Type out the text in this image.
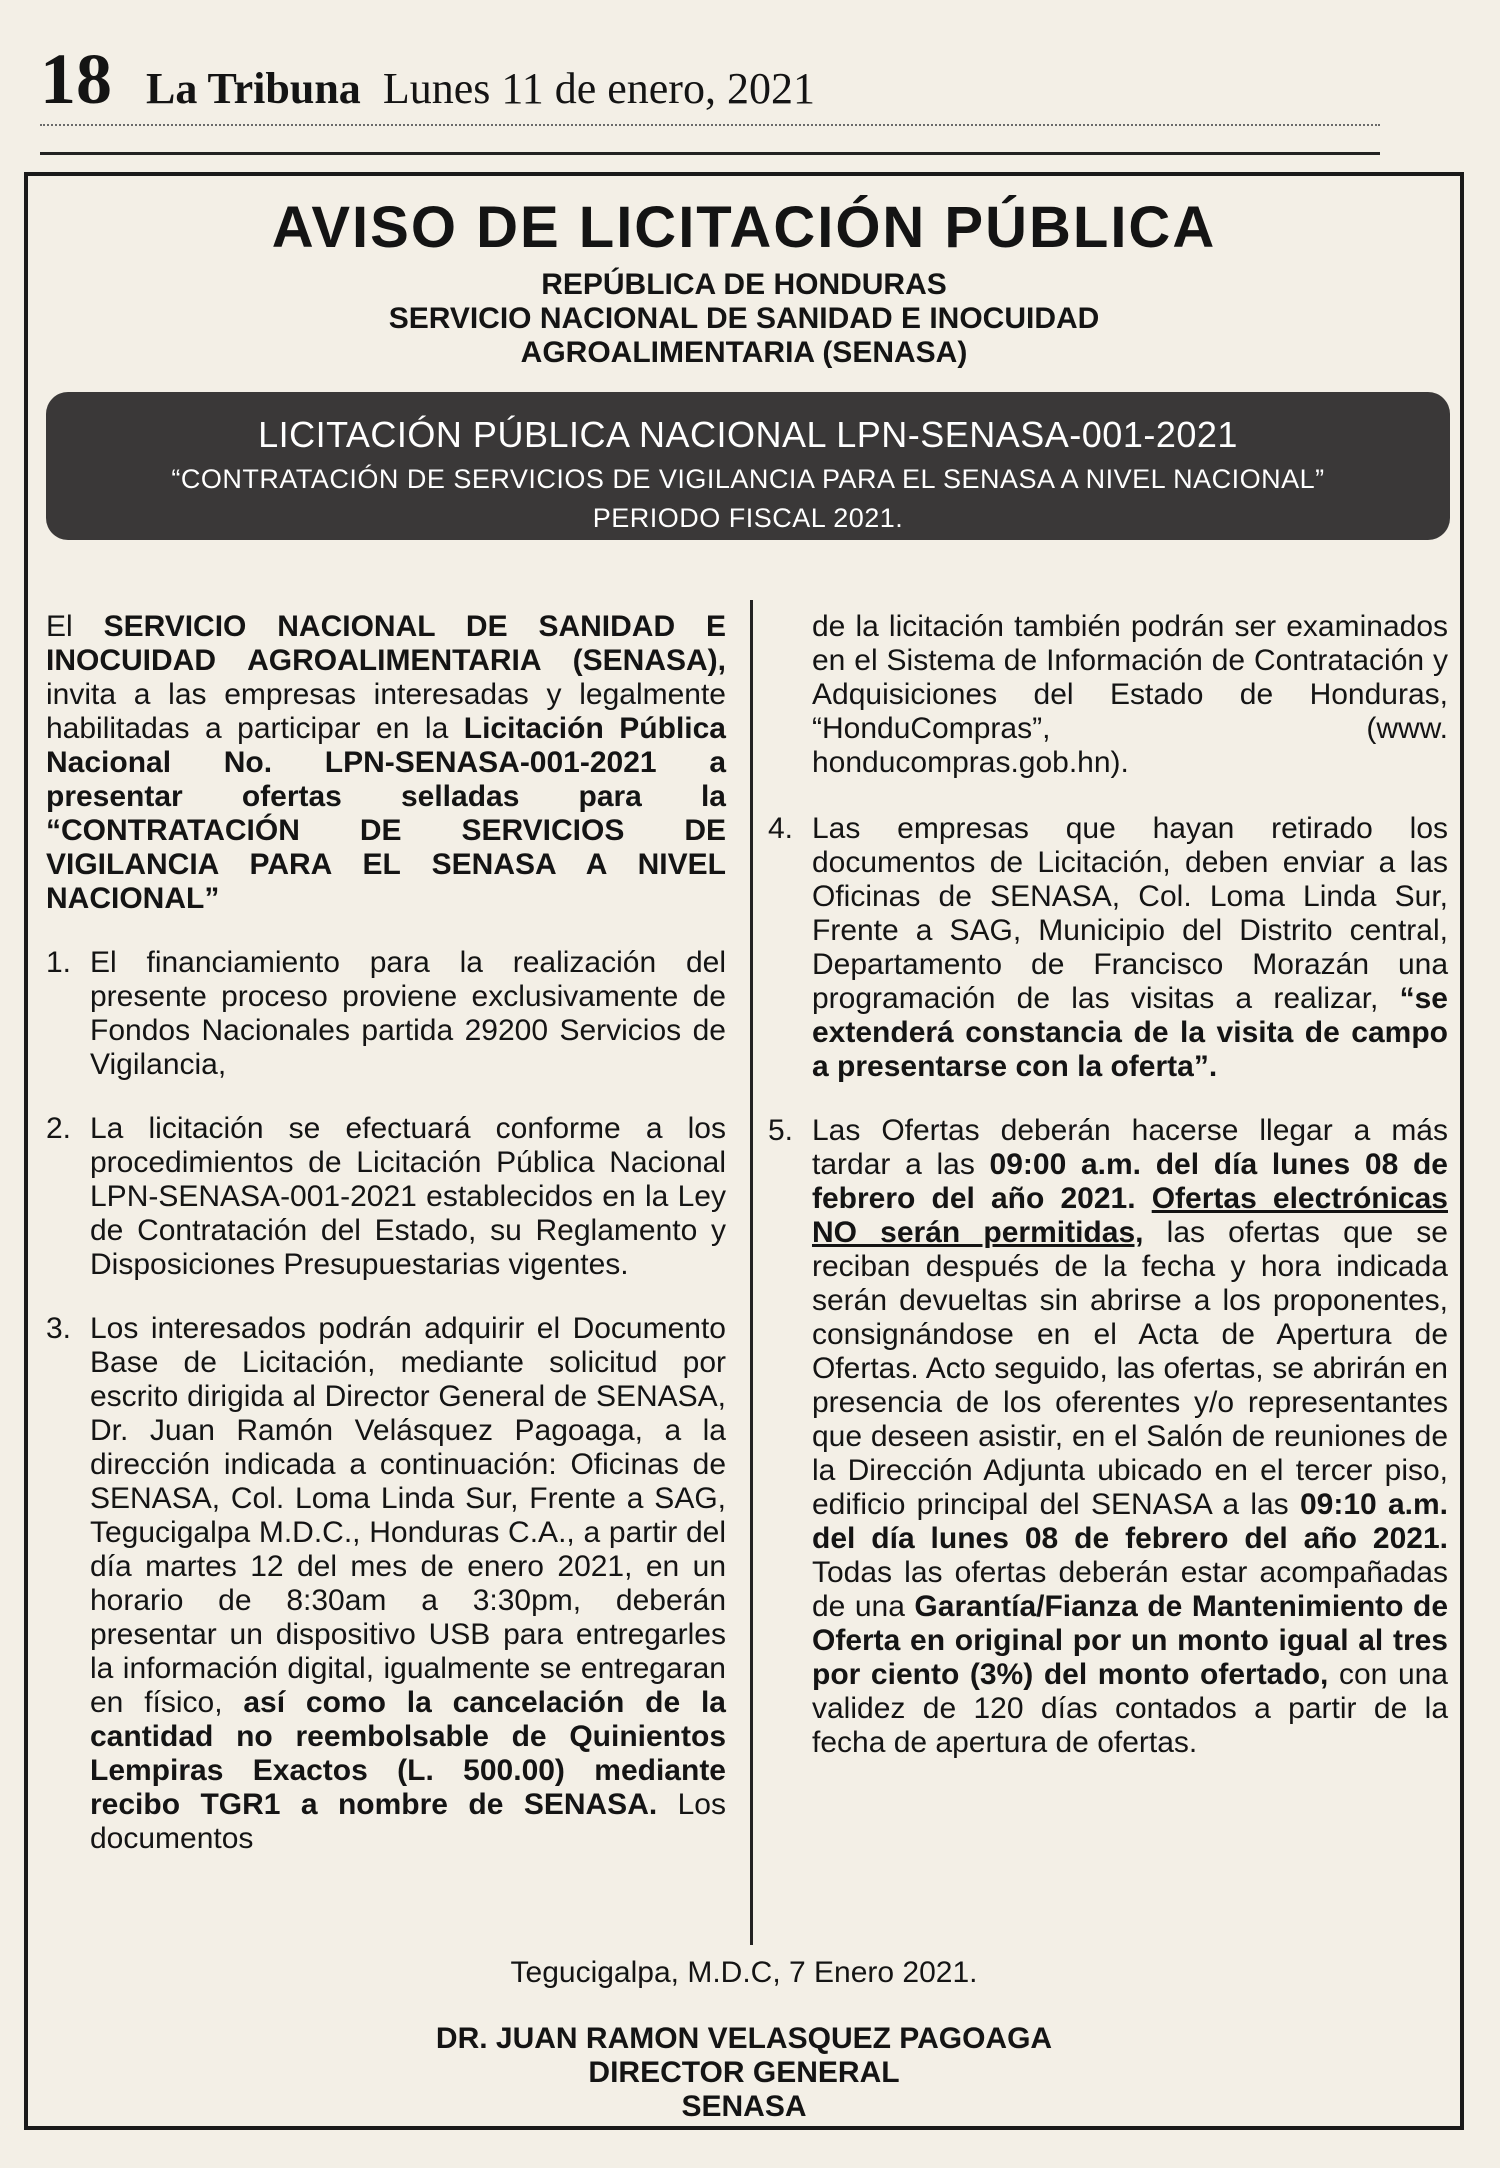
18 La Tribuna Lunes 11 de enero, 2021
AVISO DE LICITACIÓN PÚBLICA
REPÚBLICA DE HONDURAS
SERVICIO NACIONAL DE SANIDAD E INOCUIDAD
AGROALIMENTARIA (SENASA)
LICITACIÓN PÚBLICA NACIONAL LPN-SENASA-001-2021
“CONTRATACIÓN DE SERVICIOS DE VIGILANCIA PARA EL SENASA A NIVEL NACIONAL”
PERIODO FISCAL 2021.

El SERVICIO NACIONAL DE SANIDAD E INOCUIDAD AGROALIMENTARIA (SENASA), invita a las empresas interesadas y legalmente habilitadas a participar en la Licitación Pública Nacional No. LPN-SENASA-001-2021 a presentar ofertas selladas para la “CONTRATACIÓN DE SERVICIOS DE VIGILANCIA PARA EL SENASA A NIVEL NACIONAL”

1. El financiamiento para la realización del presente proceso proviene exclusivamente de Fondos Nacionales partida 29200 Servicios de Vigilancia,
2. La licitación se efectuará conforme a los procedimientos de Licitación Pública Nacional LPN-SENASA-001-2021 establecidos en la Ley de Contratación del Estado, su Reglamento y Disposiciones Presupuestarias vigentes.
3. Los interesados podrán adquirir el Documento Base de Licitación, mediante solicitud por escrito dirigida al Director General de SENASA, Dr. Juan Ramón Velásquez Pagoaga, a la dirección indicada a continuación: Oficinas de SENASA, Col. Loma Linda Sur, Frente a SAG, Tegucigalpa M.D.C., Honduras C.A., a partir del día martes 12 del mes de enero 2021, en un horario de 8:30am a 3:30pm, deberán presentar un dispositivo USB para entregarles la información digital, igualmente se entregaran en físico, así como la cancelación de la cantidad no reembolsable de Quinientos Lempiras Exactos (L. 500.00) mediante recibo TGR1 a nombre de SENASA. Los documentos
de la licitación también podrán ser examinados en el Sistema de Información de Contratación y Adquisiciones del Estado de Honduras, “HonduCompras”, (www. honducompras.gob.hn).
4. Las empresas que hayan retirado los documentos de Licitación, deben enviar a las Oficinas de SENASA, Col. Loma Linda Sur, Frente a SAG, Municipio del Distrito central, Departamento de Francisco Morazán una programación de las visitas a realizar, “se extenderá constancia de la visita de campo a presentarse con la oferta”.
5. Las Ofertas deberán hacerse llegar a más tardar a las 09:00 a.m. del día lunes 08 de febrero del año 2021. Ofertas electrónicas NO serán permitidas, las ofertas que se reciban después de la fecha y hora indicada serán devueltas sin abrirse a los proponentes, consignándose en el Acta de Apertura de Ofertas. Acto seguido, las ofertas, se abrirán en presencia de los oferentes y/o representantes que deseen asistir, en el Salón de reuniones de la Dirección Adjunta ubicado en el tercer piso, edificio principal del SENASA a las 09:10 a.m. del día lunes 08 de febrero del año 2021. Todas las ofertas deberán estar acompañadas de una Garantía/Fianza de Mantenimiento de Oferta en original por un monto igual al tres por ciento (3%) del monto ofertado, con una validez de 120 días contados a partir de la fecha de apertura de ofertas.
Tegucigalpa, M.D.C, 7 Enero 2021.
DR. JUAN RAMON VELASQUEZ PAGOAGA
DIRECTOR GENERAL
SENASA
